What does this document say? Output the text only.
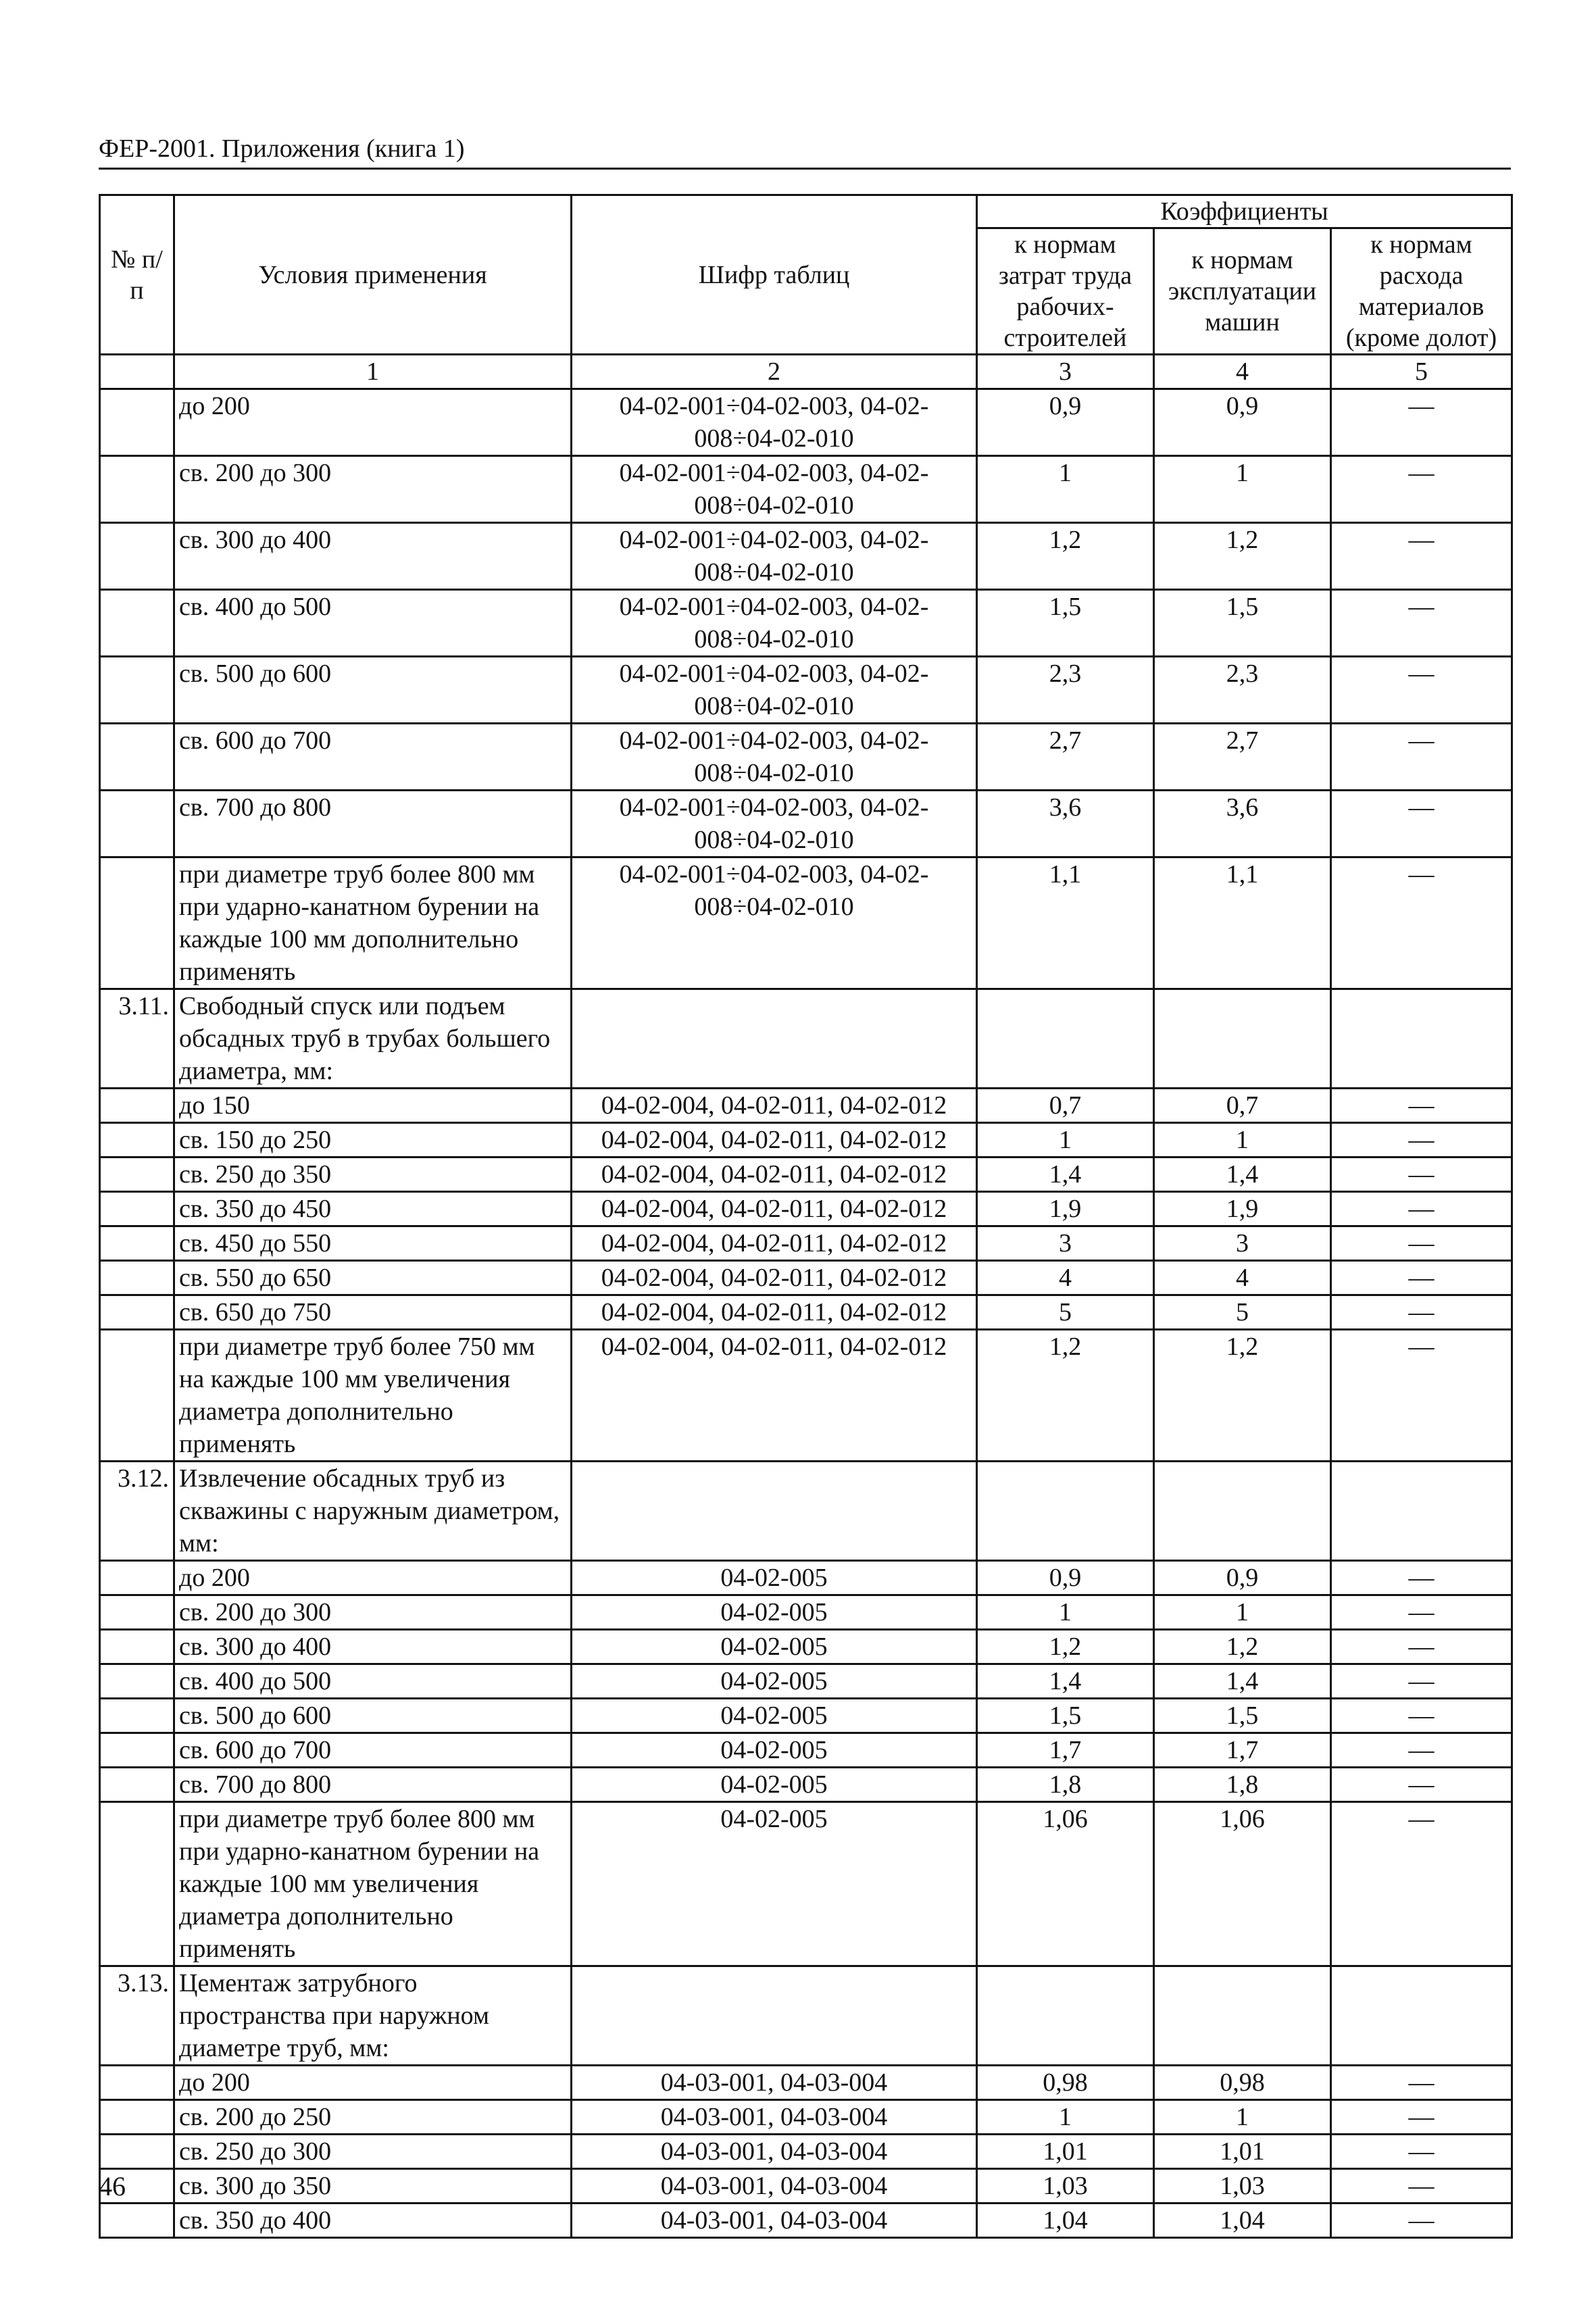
ФЕР-2001. Приложения (книга 1)
№ п/п	Условия применения	Шифр таблиц	Коэффициенты		
			к нормам затрат труда рабочих-строителей	к нормам эксплуатации машин	к нормам расхода материалов (кроме долот)
	1	2	3	4	5
	до 200	04-02-001÷04-02-003, 04-02-008÷04-02-010	0,9	0,9	—
	св. 200 до 300	04-02-001÷04-02-003, 04-02-008÷04-02-010	1	1	—
	св. 300 до 400	04-02-001÷04-02-003, 04-02-008÷04-02-010	1,2	1,2	—
	св. 400 до 500	04-02-001÷04-02-003, 04-02-008÷04-02-010	1,5	1,5	—
	св. 500 до 600	04-02-001÷04-02-003, 04-02-008÷04-02-010	2,3	2,3	—
	св. 600 до 700	04-02-001÷04-02-003, 04-02-008÷04-02-010	2,7	2,7	—
	св. 700 до 800	04-02-001÷04-02-003, 04-02-008÷04-02-010	3,6	3,6	—
	при диаметре труб более 800 мм при ударно-канатном бурении на каждые 100 мм дополнительно применять	04-02-001÷04-02-003, 04-02-008÷04-02-010	1,1	1,1	—
3.11.	Свободный спуск или подъем обсадных труб в трубах большего диаметра, мм:				
	до 150	04-02-004, 04-02-011, 04-02-012	0,7	0,7	—
	св. 150 до 250	04-02-004, 04-02-011, 04-02-012	1	1	—
	св. 250 до 350	04-02-004, 04-02-011, 04-02-012	1,4	1,4	—
	св. 350 до 450	04-02-004, 04-02-011, 04-02-012	1,9	1,9	—
	св. 450 до 550	04-02-004, 04-02-011, 04-02-012	3	3	—
	св. 550 до 650	04-02-004, 04-02-011, 04-02-012	4	4	—
	св. 650 до 750	04-02-004, 04-02-011, 04-02-012	5	5	—
	при диаметре труб более 750 мм на каждые 100 мм увеличения диаметра дополнительно применять	04-02-004, 04-02-011, 04-02-012	1,2	1,2	—
3.12.	Извлечение обсадных труб из скважины с наружным диаметром, мм:				
	до 200	04-02-005	0,9	0,9	—
	св. 200 до 300	04-02-005	1	1	—
	св. 300 до 400	04-02-005	1,2	1,2	—
	св. 400 до 500	04-02-005	1,4	1,4	—
	св. 500 до 600	04-02-005	1,5	1,5	—
	св. 600 до 700	04-02-005	1,7	1,7	—
	св. 700 до 800	04-02-005	1,8	1,8	—
	при диаметре труб более 800 мм при ударно-канатном бурении на каждые 100 мм увеличения диаметра дополнительно применять	04-02-005	1,06	1,06	—
3.13.	Цементаж затрубного пространства при наружном диаметре труб, мм:				
	до 200	04-03-001, 04-03-004	0,98	0,98	—
	св. 200 до 250	04-03-001, 04-03-004	1	1	—
	св. 250 до 300	04-03-001, 04-03-004	1,01	1,01	—
	св. 300 до 350	04-03-001, 04-03-004	1,03	1,03	—
	св. 350 до 400	04-03-001, 04-03-004	1,04	1,04	—
46
